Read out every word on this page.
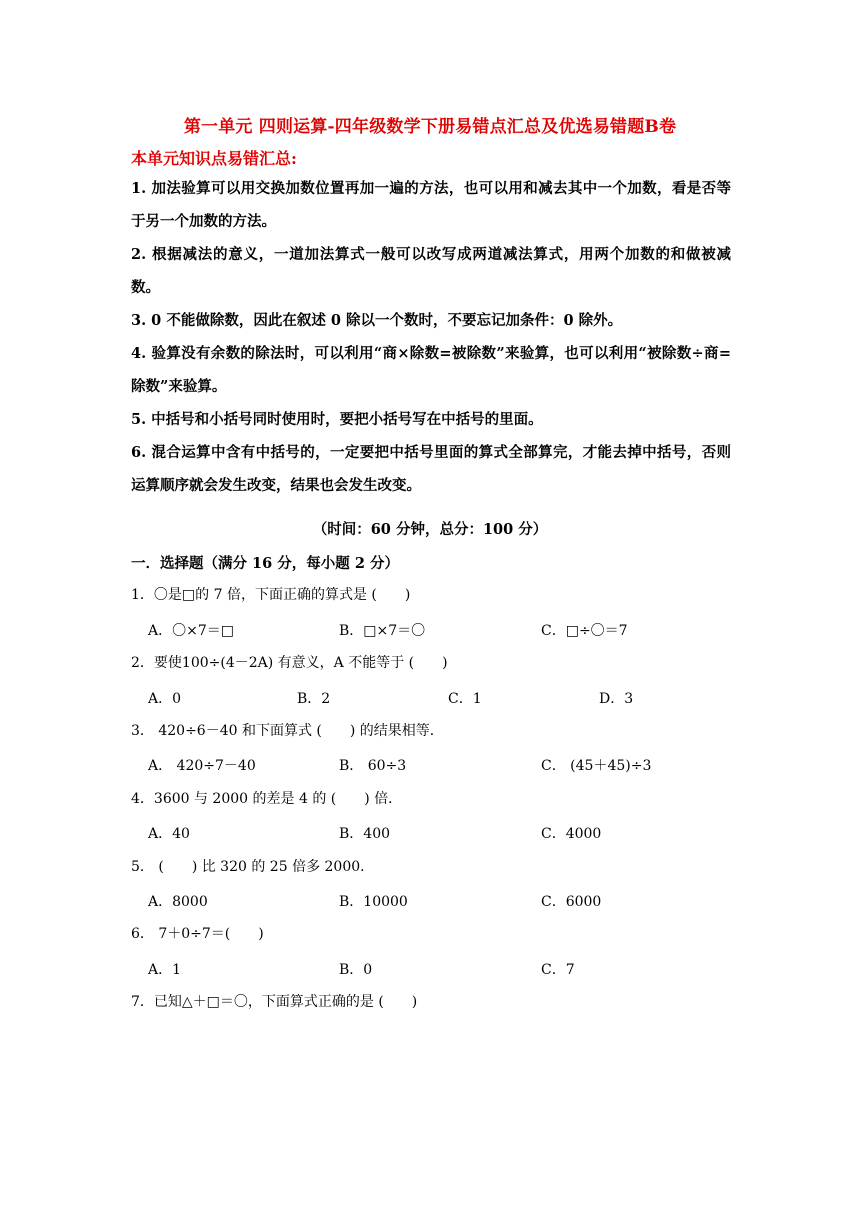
第一单元 四则运算-四年级数学下册易错点汇总及优选易错题B卷
本单元知识点易错汇总:

1. 加法验算可以用交换加数位置再加一遍的方法，也可以用和减去其中一个加数，看是否等于另一个加数的方法。

2. 根据减法的意义，一道加法算式一般可以改写成两道减法算式，用两个加数的和做被减数。

3. 0 不能做除数，因此在叙述 0 除以一个数时，不要忘记加条件：0 除外。

4. 验算没有余数的除法时，可以利用“商×除数=被除数”来验算，也可以利用“被除数÷商=除数”来验算。

5. 中括号和小括号同时使用时，要把小括号写在中括号的里面。

6. 混合运算中含有中括号的，一定要把中括号里面的算式全部算完，才能去掉中括号，否则运算顺序就会发生改变，结果也会发生改变。

（时间：60 分钟，总分：100 分）
一．选择题（满分 16 分，每小题 2 分）
1．〇是□的 7 倍，下面正确的算式是 (　　)
A．〇×7＝□	B．□×7＝〇	C．□÷〇＝7
2．要使100÷(4－2A) 有意义，A 不能等于 (　　)
A．0	B．2	C．1	D．3
3． 420÷6－40 和下面算式 (　　) 的结果相等．
A． 420÷7－40	B． 60÷3	C． (45＋45)÷3
4．3600 与 2000 的差是 4 的 (　　) 倍．
A．40	B．400	C．4000
5． (　　) 比 320 的 25 倍多 2000．
A．8000	B．10000	C．6000
6． 7＋0÷7＝(　　)
A．1	B．0	C．7
7．已知△＋□＝〇，下面算式正确的是 (　　)
